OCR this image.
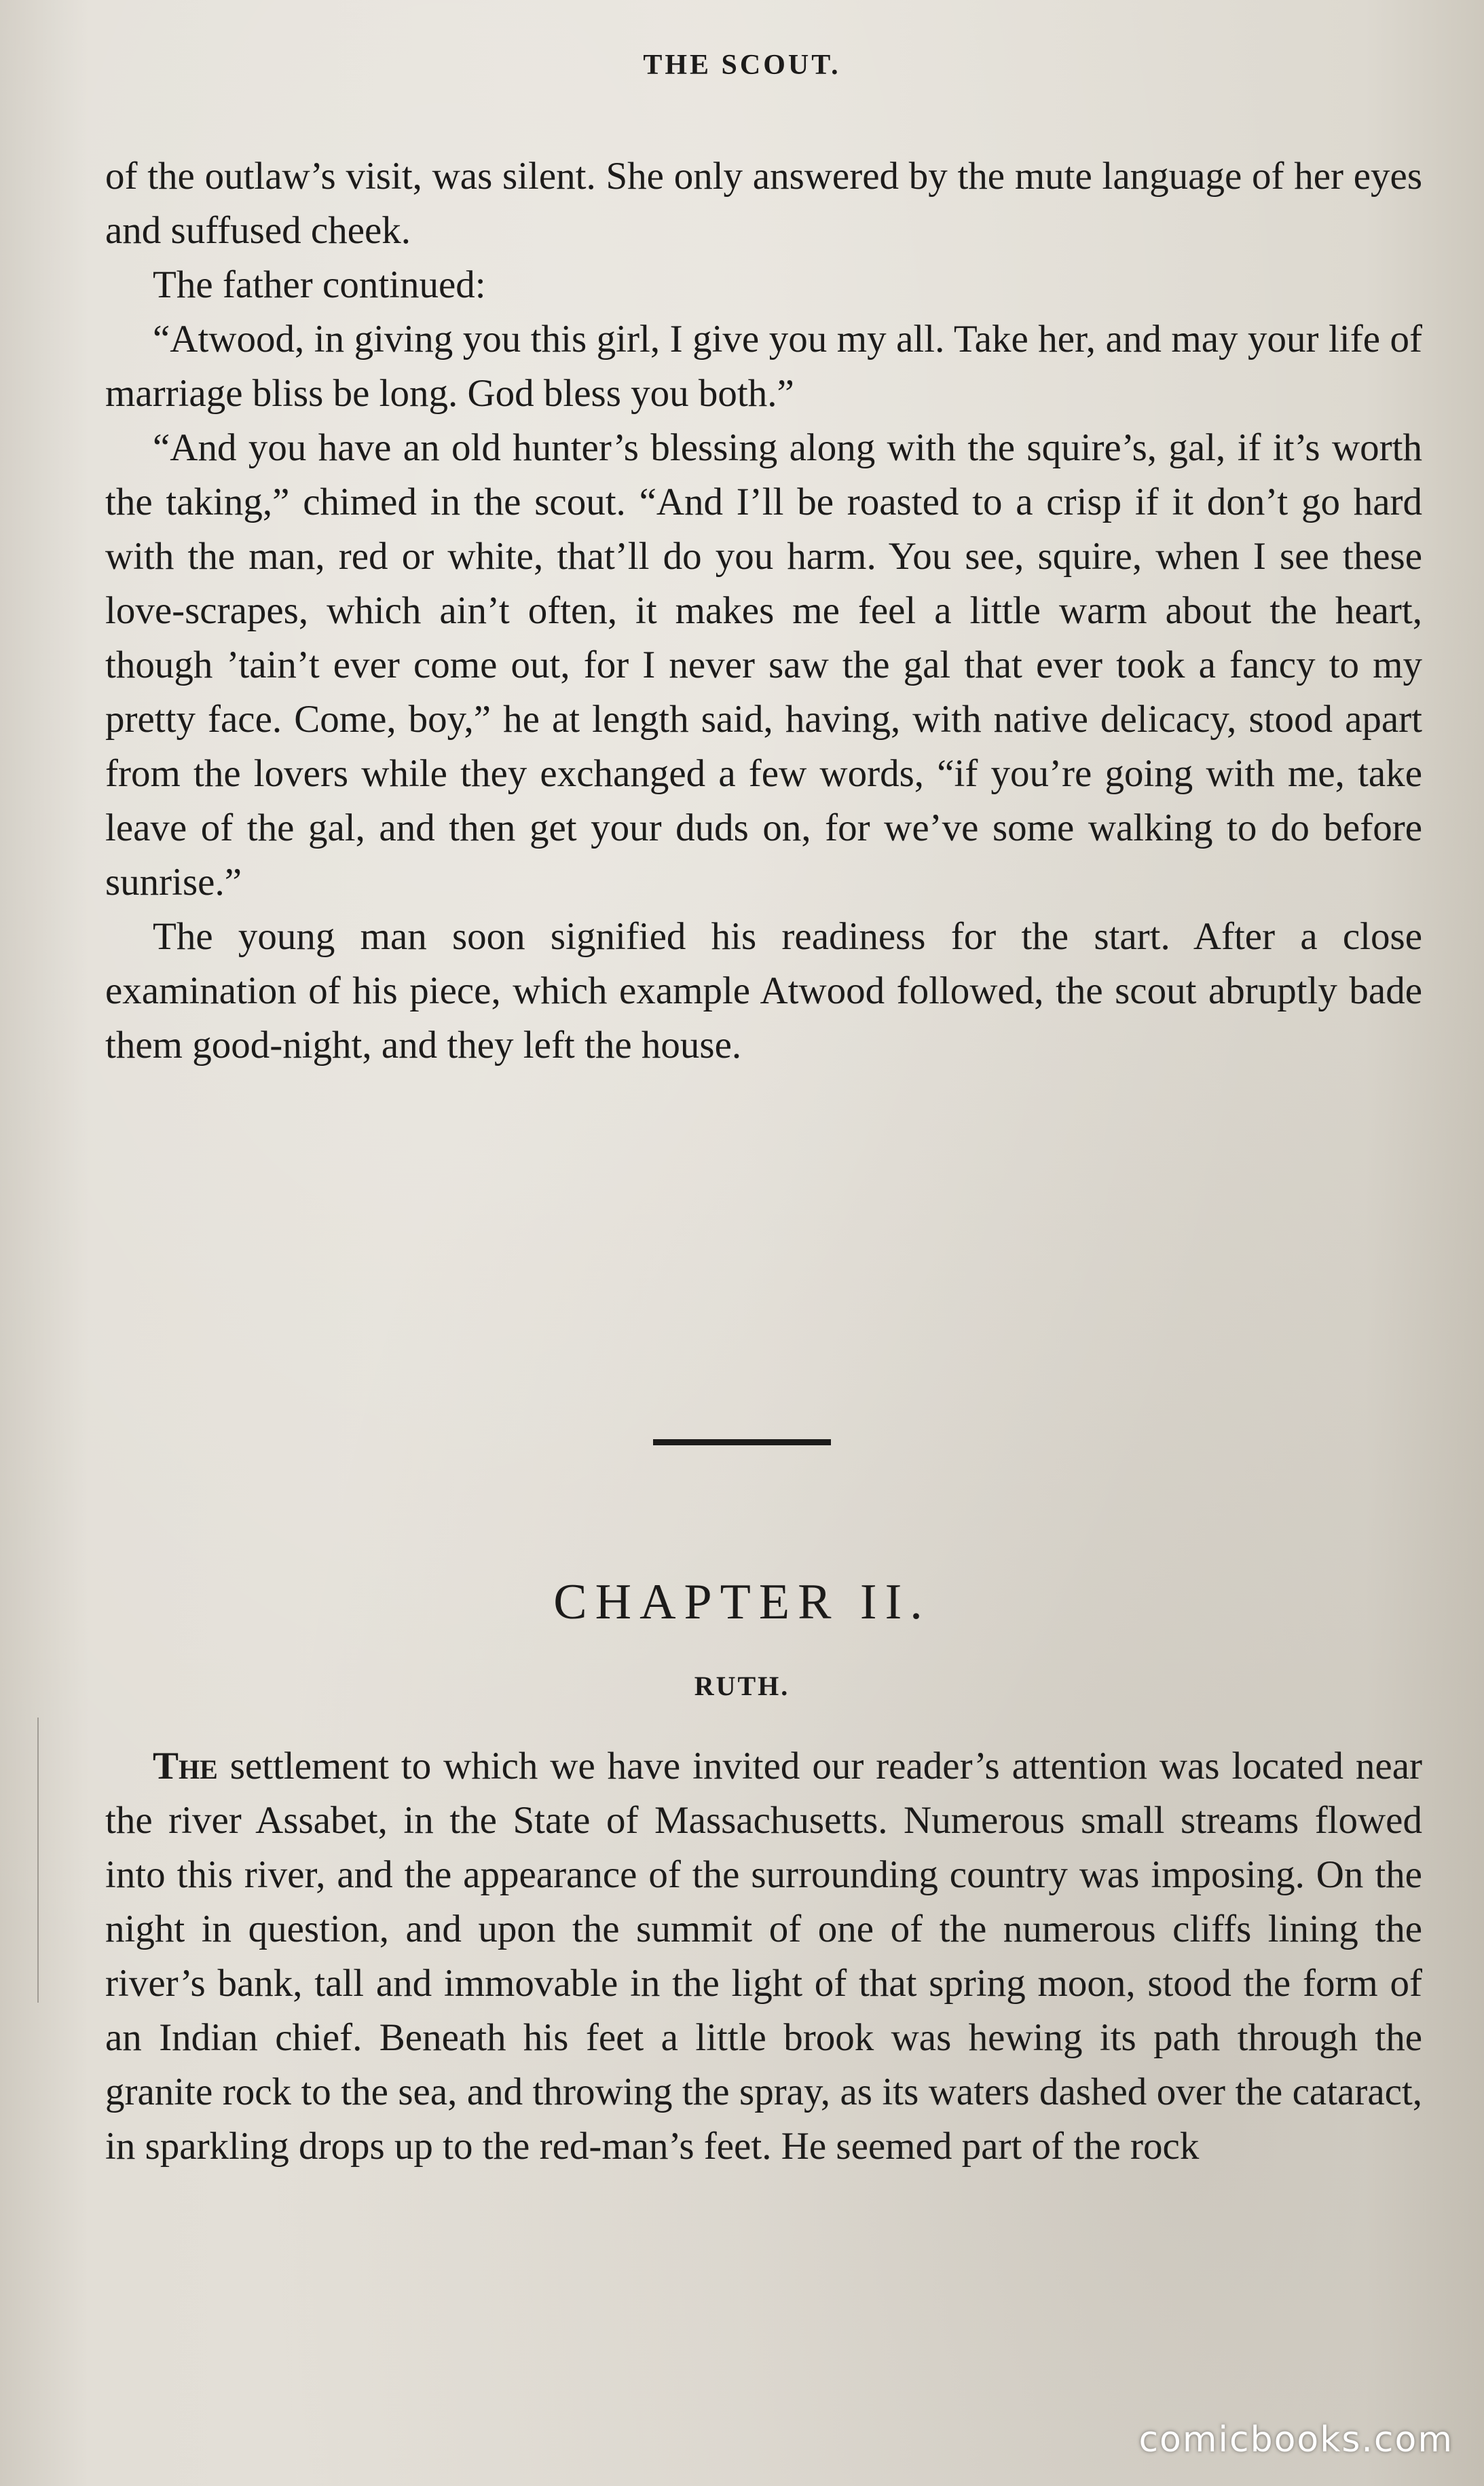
THE SCOUT.

of the outlaw’s visit, was silent. She only answered by the mute language of her eyes and suffused cheek.

The father continued:

“Atwood, in giving you this girl, I give you my all. Take her, and may your life of marriage bliss be long. God bless you both.”

“And you have an old hunter’s blessing along with the squire’s, gal, if it’s worth the taking,” chimed in the scout. “And I’ll be roasted to a crisp if it don’t go hard with the man, red or white, that’ll do you harm. You see, squire, when I see these love-scrapes, which ain’t often, it makes me feel a little warm about the heart, though ’tain’t ever come out, for I never saw the gal that ever took a fancy to my pretty face. Come, boy,” he at length said, having, with native delicacy, stood apart from the lovers while they exchanged a few words, “if you’re going with me, take leave of the gal, and then get your duds on, for we’ve some walking to do before sunrise.”

The young man soon signified his readiness for the start. After a close examination of his piece, which example Atwood followed, the scout abruptly bade them good-night, and they left the house.

CHAPTER II.
RUTH.

The settlement to which we have invited our reader’s attention was located near the river Assabet, in the State of Massachusetts. Numerous small streams flowed into this river, and the appearance of the surrounding country was imposing. On the night in question, and upon the summit of one of the numerous cliffs lining the river’s bank, tall and immovable in the light of that spring moon, stood the form of an Indian chief. Beneath his feet a little brook was hewing its path through the granite rock to the sea, and throwing the spray, as its waters dashed over the cataract, in sparkling drops up to the red-man’s feet. He seemed part of the rock

comicbooks.com
